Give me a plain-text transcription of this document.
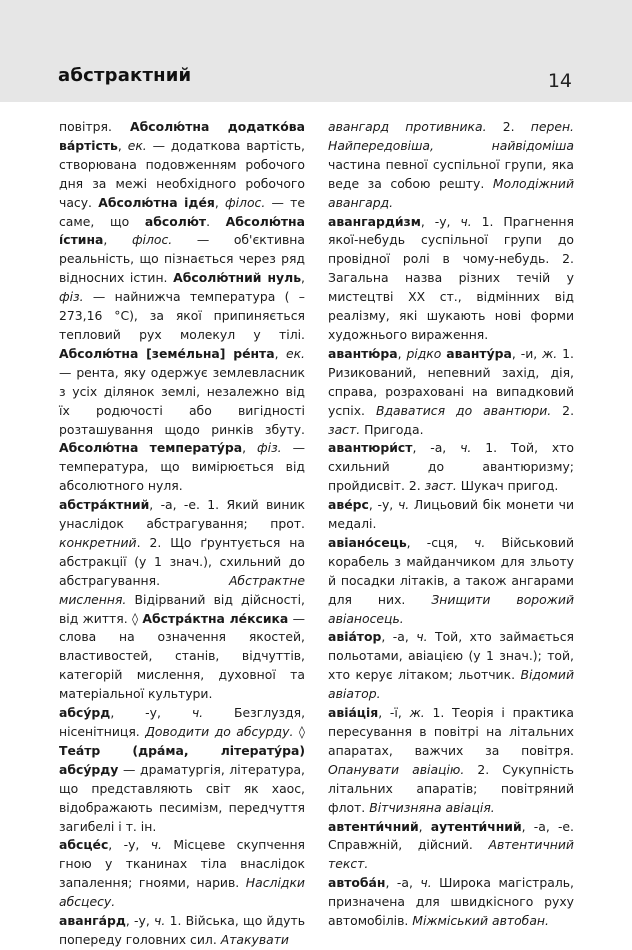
абстрактний	14

повітря. Абсолю́тна додатко́ва ва́ртість, ек. — додаткова вартість, створювана подовженням робочого дня за межі необхідного робочого часу. Абсолю́тна іде́я, філос. — те саме, що абсолю́т. Абсолю́тна і́стина, філос. — об'єктивна реальність, що пізнається через ряд відносних істин. Абсолю́тний нуль, фіз. — найнижча температура ( – 273,16 °С), за якої припиняється тепловий рух молекул у тілі. Абсолю́тна [земе́льна] ре́нта, ек. — рента, яку одержує землевласник з усіх ділянок землі, незалежно від їх родючості або вигідності розташування щодо ринків збуту. Абсолю́тна температу́ра, фіз. — температура, що вимірюється від абсолютного нуля.

абстра́ктний, -а, -е. 1. Який виник унаслідок абстрагування; прот. конкретний. 2. Що ґрунтується на абстракції (у 1 знач.), схильний до абстрагування. Абстрактне мислення. Відірваний від дійсності, від життя. ◊ Абстра́ктна ле́ксика — слова на означення якостей, властивостей, станів, відчуттів, категорій мислення, духовної та матеріальної культури.

абсу́рд, -у, ч. Безглуздя, нісенітниця. Доводити до абсурду. ◊ Теа́тр (дра́ма, літерату́ра) абсу́рду — драматургія, література, що представляють світ як хаос, відображають песимізм, передчуття загибелі і т. ін.

абсце́с, -у, ч. Місцеве скупчення гною у тканинах тіла внаслідок запалення; гноями, нарив. Наслідки абсцесу.

аванга́рд, -у, ч. 1. Війська, що йдуть попереду головних сил. Атакувати

авангард противника. 2. перен. Найпередовіша, найвідоміша частина певної суспільної групи, яка веде за собою решту. Молодіжний авангард.

авангарди́зм, -у, ч. 1. Прагнення якої-небудь суспільної групи до провідної ролі в чому-небудь. 2. Загальна назва різних течій у мистецтві ХХ ст., відмінних від реалізму, які шукають нові форми художнього вираження.

авантю́ра, рідко аванту́ра, -и, ж. 1. Ризикований, непевний захід, дія, справа, розраховані на випадковий успіх. Вдаватися до авантюри. 2. заст. Пригода.

авантюри́ст, -а, ч. 1. Той, хто схильний до авантюризму; пройдисвіт. 2. заст. Шукач пригод.

аве́рс, -у, ч. Лицьовий бік монети чи медалі.

авіано́сець, -сця, ч. Військовий корабель з майданчиком для зльоту й посадки літаків, а також ангарами для них. Знищити ворожий авіаносець.

авіа́тор, -а, ч. Той, хто займається польотами, авіацією (у 1 знач.); той, хто керує літаком; льотчик. Відомий авіатор.

авіа́ція, -ї, ж. 1. Теорія і практика пересування в повітрі на літальних апаратах, важчих за повітря. Опанувати авіацію. 2. Сукупність літальних апаратів; повітряний флот. Вітчизняна авіація.

автенти́чний, аутенти́чний, -а, -е. Справжній, дійсний. Автентичний текст.

автоба́н, -а, ч. Широка магістраль, призначена для швидкісного руху автомобілів. Міжміський автобан.
